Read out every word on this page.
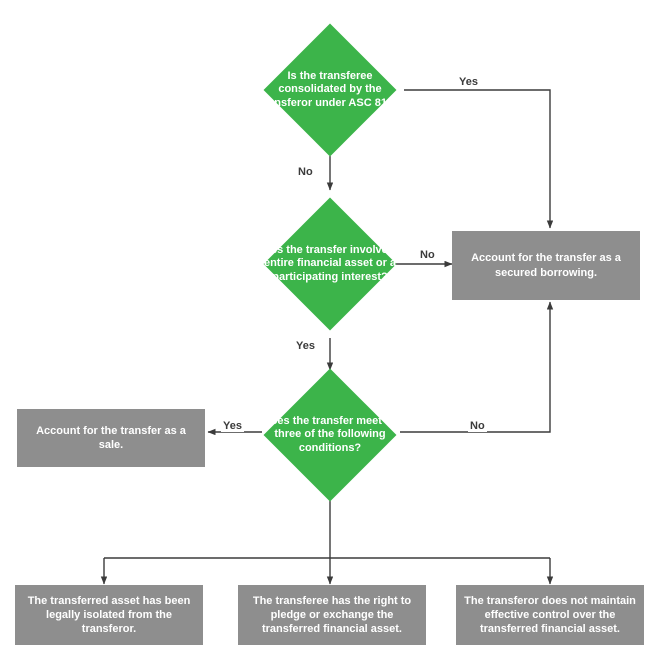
Is the transferee consolidated by the transferor under ASC 810?
Does the transfer involve an entire financial asset or a participating interest?
Does the transfer meet all three of the following conditions?
Account for the transfer as a secured borrowing.
Account for the transfer as a sale.
The transferred asset has been legally isolated from the transferor.
The transferee has the right to pledge or exchange the transferred financial asset.
The transferor does not maintain effective control over the transferred financial asset.
Yes
No
No
Yes
Yes	No
